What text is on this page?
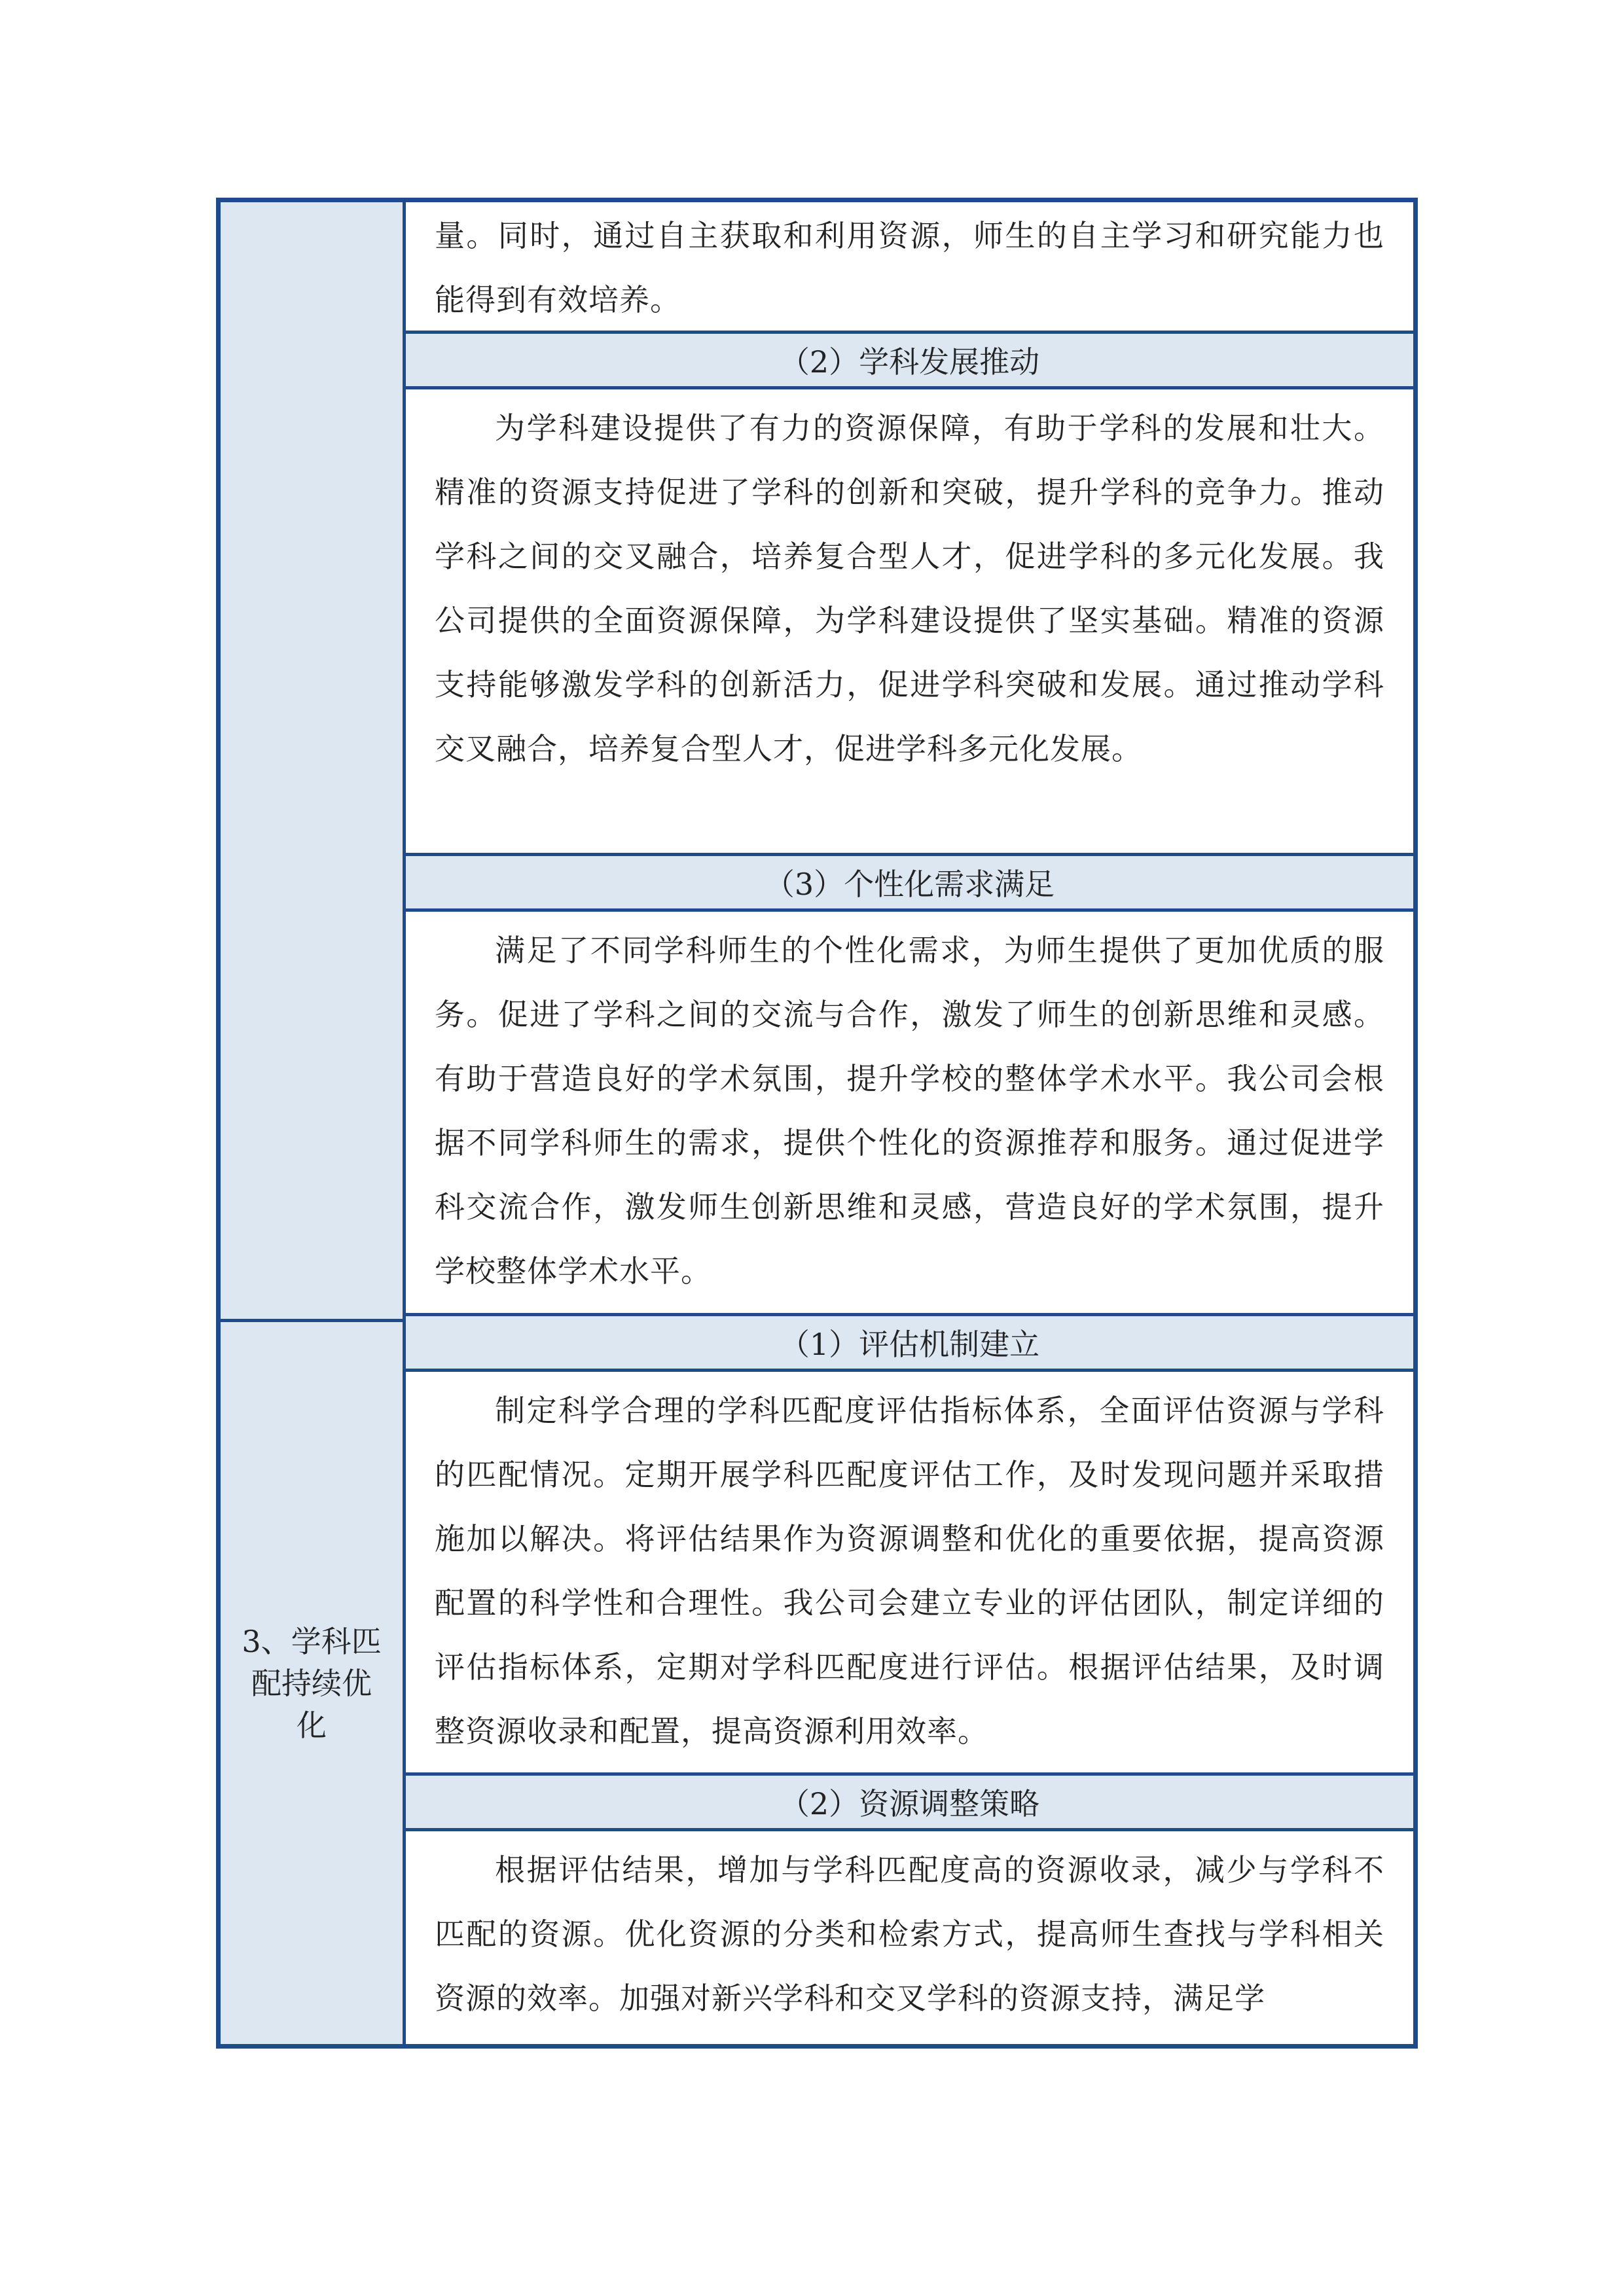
3、学科匹配持续优化
量。同时，通过自主获取和利用资源，师生的自主学习和研究能力也能得到有效培养。
（2）学科发展推动
为学科建设提供了有力的资源保障，有助于学科的发展和壮大。精准的资源支持促进了学科的创新和突破，提升学科的竞争力。推动学科之间的交叉融合，培养复合型人才，促进学科的多元化发展。我公司提供的全面资源保障，为学科建设提供了坚实基础。精准的资源支持能够激发学科的创新活力，促进学科突破和发展。通过推动学科交叉融合，培养复合型人才，促进学科多元化发展。
（3）个性化需求满足
满足了不同学科师生的个性化需求，为师生提供了更加优质的服务。促进了学科之间的交流与合作，激发了师生的创新思维和灵感。有助于营造良好的学术氛围，提升学校的整体学术水平。我公司会根据不同学科师生的需求，提供个性化的资源推荐和服务。通过促进学科交流合作，激发师生创新思维和灵感，营造良好的学术氛围，提升学校整体学术水平。
（1）评估机制建立
制定科学合理的学科匹配度评估指标体系，全面评估资源与学科的匹配情况。定期开展学科匹配度评估工作，及时发现问题并采取措施加以解决。将评估结果作为资源调整和优化的重要依据，提高资源配置的科学性和合理性。我公司会建立专业的评估团队，制定详细的评估指标体系，定期对学科匹配度进行评估。根据评估结果，及时调整资源收录和配置，提高资源利用效率。
（2）资源调整策略
根据评估结果，增加与学科匹配度高的资源收录，减少与学科不匹配的资源。优化资源的分类和检索方式，提高师生查找与学科相关资源的效率。加强对新兴学科和交叉学科的资源支持，满足学
